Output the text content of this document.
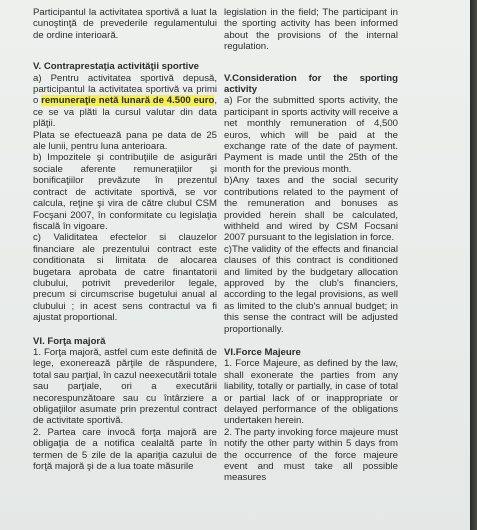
Participantul la activitatea sportivă a luat la cunoştinţă de prevederile regulamentului de ordine interioară.

V. Contraprestaţia activităţii sportive

a) Pentru activitatea sportivă depusă, participantul la activitatea sportivă va primi o remuneraţie netă lunară de 4.500 euro, ce se va plăti la cursul valutar din data plăţii.

Plata se efectuează pana pe data de 25 ale lunii, pentru luna anterioara.

b) Impozitele şi contribuţiile de asigurări sociale aferente remuneraţiilor şi bonificaţiilor prevăzute în prezentul contract de activitate sportivă, se vor calcula, reţine şi vira de către clubul CSM Focşani 2007, în conformitate cu legislaţia fiscală în vigoare.

c) Validitatea efectelor si clauzelor financiare ale prezentului contract este conditionata si limitata de alocarea bugetara aprobata de catre finantatorii clubului, potrivit prevederilor legale, precum si circumscrise bugetului anual al clubului ; in acest sens contractul va fi ajustat proportional.

VI. Forţa majoră

1. Forţa majoră, astfel cum este definită de lege, exonerează părţile de răspundere, total sau parţial, în cazul neexecutării totale sau parţiale, ori a executării necorespunzătoare sau cu întârziere a obligaţiilor asumate prin prezentul contract de activitate sportivă.

2. Partea care invocă forţa majoră are obligaţia de a notifica cealaltă parte în termen de 5 zile de la apariţia cazului de forţă majoră şi de a lua toate măsurile

legislation in the field; The participant in the sporting activity has been informed about the provisions of the internal regulation.

V.Consideration for the sporting activity

a) For the submitted sports activity, the participant in sports activity will receive a net monthly remuneration of 4,500 euros, which will be paid at the exchange rate of the date of payment. Payment is made until the 25th of the month for the previous month.

b)Any taxes and the social security contributions related to the payment of the remuneration and bonuses as provided herein shall be calculated, withheld and wired by CSM Focsani 2007 pursuant to the legislation in force.

c)The validity of the effects and financial clauses of this contract is conditioned and limited by the budgetary allocation approved by the club's financiers, according to the legal provisions, as well as limited to the club's annual budget; in this sense the contract will be adjusted proportionally.

VI.Force Majeure

1. Force Majeure, as defined by the law, shall exonerate the parties from any liability, totally or partially, in case of total or partial lack of or inappropriate or delayed performance of the obligations undertaken herein.

2. The party invoking force majeure must notify the other party within 5 days from the occurrence of the force majeure event and must take all possible measures
